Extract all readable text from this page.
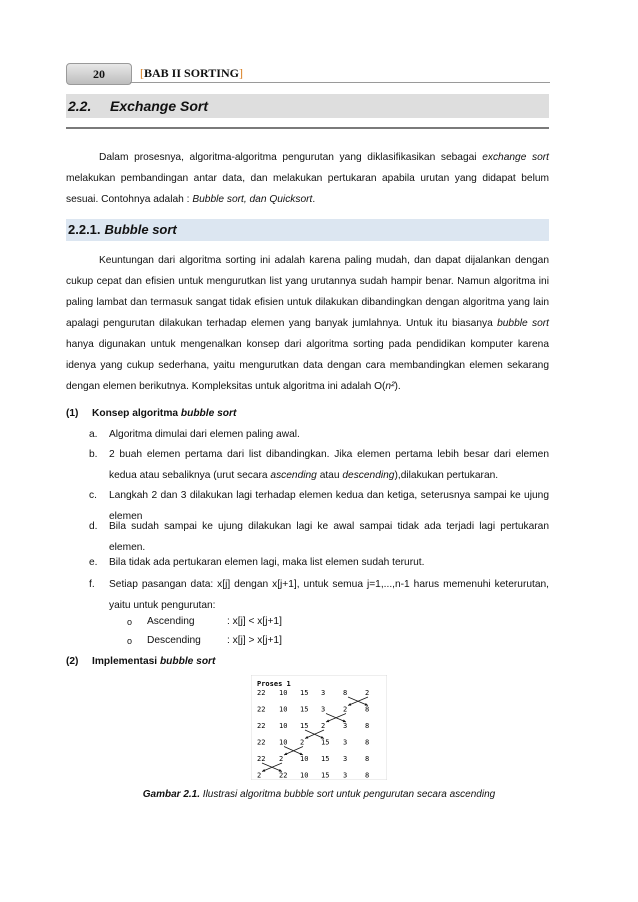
20	[BAB II SORTING]
2.2. Exchange Sort
Dalam prosesnya, algoritma-algoritma pengurutan yang diklasifikasikan sebagai exchange sort melakukan pembandingan antar data, dan melakukan pertukaran apabila urutan yang didapat belum sesuai. Contohnya adalah : Bubble sort, dan Quicksort.
2.2.1. Bubble sort
Keuntungan dari algoritma sorting ini adalah karena paling mudah, dan dapat dijalankan dengan cukup cepat dan efisien untuk mengurutkan list yang urutannya sudah hampir benar. Namun algoritma ini paling lambat dan termasuk sangat tidak efisien untuk dilakukan dibandingkan dengan algoritma yang lain apalagi pengurutan dilakukan terhadap elemen yang banyak jumlahnya. Untuk itu biasanya bubble sort hanya digunakan untuk mengenalkan konsep dari algoritma sorting pada pendidikan komputer karena idenya yang cukup sederhana, yaitu mengurutkan data dengan cara membandingkan elemen sekarang dengan elemen berikutnya. Kompleksitas untuk algoritma ini adalah O(n²).
(1) Konsep algoritma bubble sort
a. Algoritma dimulai dari elemen paling awal.
b. 2 buah elemen pertama dari list dibandingkan. Jika elemen pertama lebih besar dari elemen kedua atau sebaliknya (urut secara ascending atau descending),dilakukan pertukaran.
c. Langkah 2 dan 3 dilakukan lagi terhadap elemen kedua dan ketiga, seterusnya sampai ke ujung elemen
d. Bila sudah sampai ke ujung dilakukan lagi ke awal sampai tidak ada terjadi lagi pertukaran elemen.
e. Bila tidak ada pertukaran elemen lagi, maka list elemen sudah terurut.
f. Setiap pasangan data: x[j] dengan x[j+1], untuk semua j=1,...,n-1 harus memenuhi keterurutan, yaitu untuk pengurutan:
o Ascending	: x[j] < x[j+1]
o Descending	: x[j] > x[j+1]
(2) Implementasi bubble sort
Proses 1
22 10 15 3	8	2
22 10 15 3	2	8
22 10 15 2	3	8
22 10 2 15 3	8
22 2 10 15 3	8
2	22 10 15 3	8
Gambar 2.1. Ilustrasi algoritma bubble sort untuk pengurutan secara ascending
